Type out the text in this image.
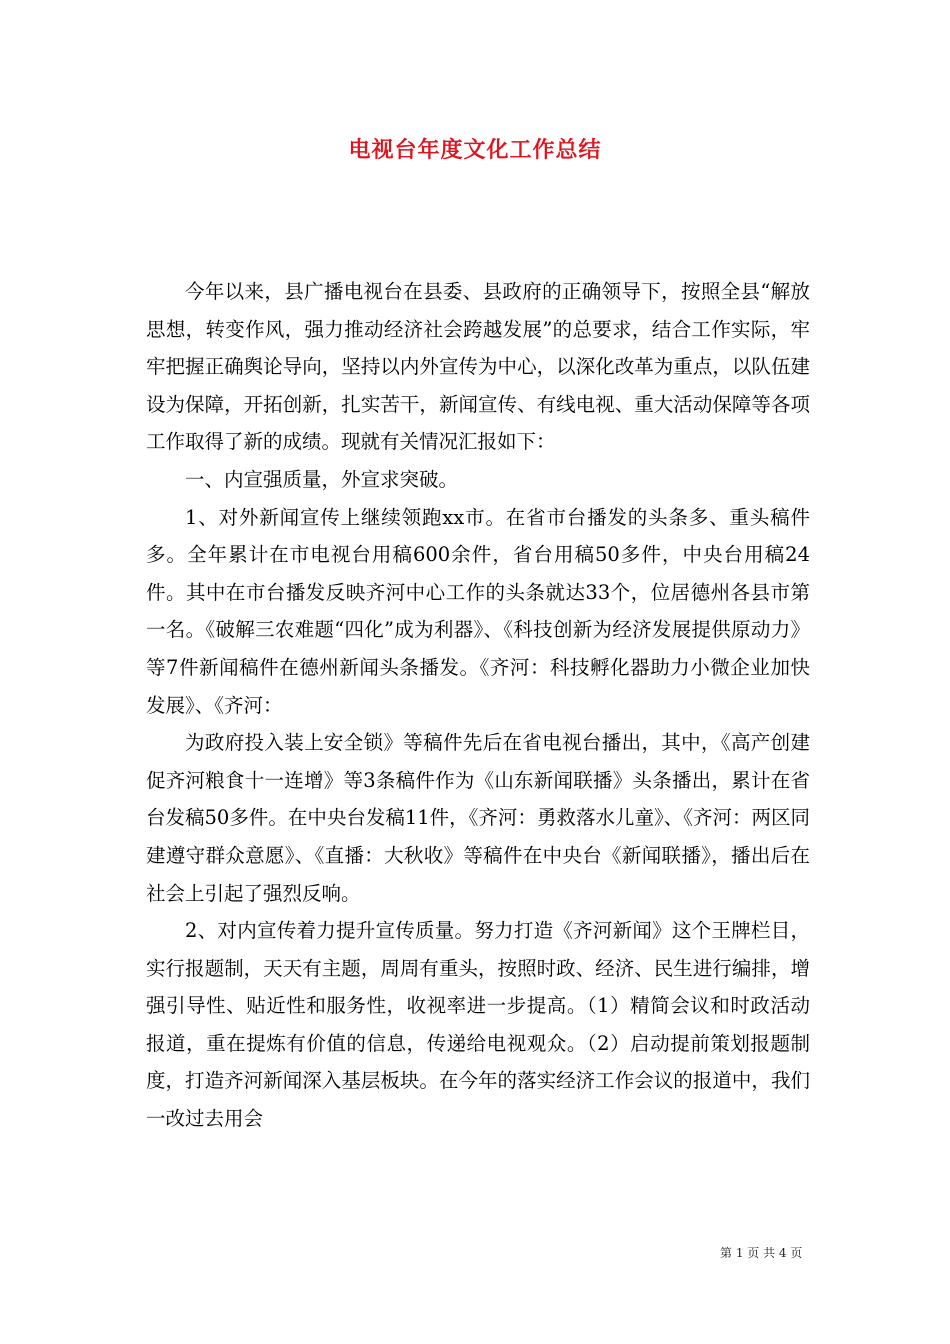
电视台年度文化工作总结

今年以来，县广播电视台在县委、县政府的正确领导下，按照全县“解放思想，转变作风，强力推动经济社会跨越发展”的总要求，结合工作实际，牢牢把握正确舆论导向，坚持以内外宣传为中心，以深化改革为重点，以队伍建设为保障，开拓创新，扎实苦干，新闻宣传、有线电视、重大活动保障等各项工作取得了新的成绩。现就有关情况汇报如下：

一、内宣强质量，外宣求突破。

1、对外新闻宣传上继续领跑xx市。在省市台播发的头条多、重头稿件多。全年累计在市电视台用稿600余件，省台用稿50多件，中央台用稿24件。其中在市台播发反映齐河中心工作的头条就达33个，位居德州各县市第一名。《破解三农难题“四化”成为利器》、《科技创新为经济发展提供原动力》等7件新闻稿件在德州新闻头条播发。《齐河：科技孵化器助力小微企业加快发展》、《齐河：

为政府投入装上安全锁》等稿件先后在省电视台播出，其中，《高产创建促齐河粮食十一连增》等3条稿件作为《山东新闻联播》头条播出，累计在省台发稿50多件。在中央台发稿11件，《齐河：勇救落水儿童》、《齐河：两区同建遵守群众意愿》、《直播：大秋收》等稿件在中央台《新闻联播》，播出后在社会上引起了强烈反响。

2、对内宣传着力提升宣传质量。努力打造《齐河新闻》这个王牌栏目，实行报题制，天天有主题，周周有重头，按照时政、经济、民生进行编排，增强引导性、贴近性和服务性，收视率进一步提高。（1）精简会议和时政活动报道，重在提炼有价值的信息，传递给电视观众。（2）启动提前策划报题制度，打造齐河新闻深入基层板块。在今年的落实经济工作会议的报道中，我们一改过去用会

第 1 页 共 4 页
